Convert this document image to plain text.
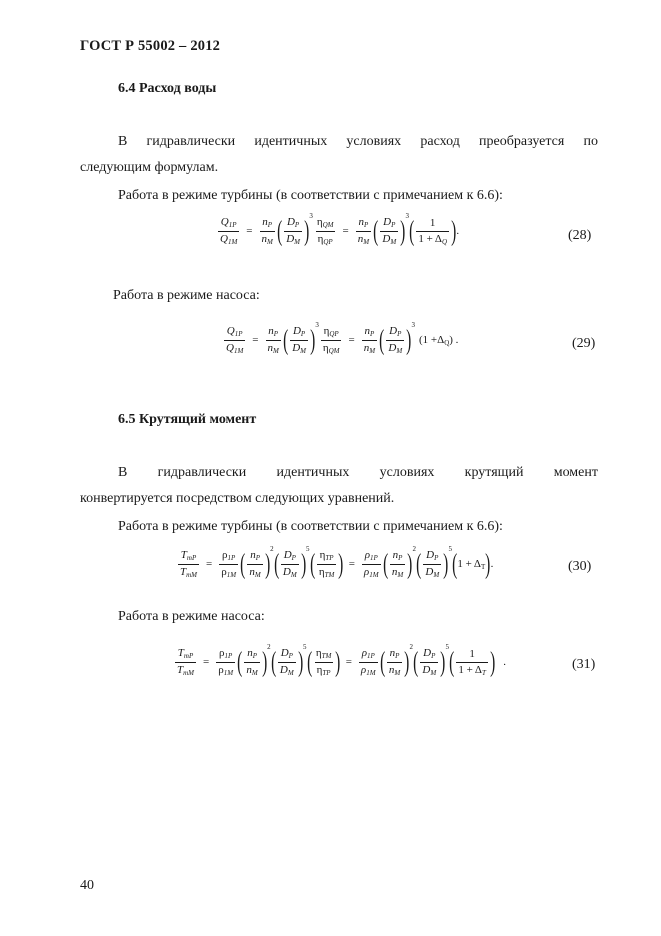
ГОСТ Р 55002 – 2012
6.4 Расход воды
В гидравлически идентичных условиях расход преобразуется по
следующим формулам.
Работа в режиме турбины (в соответствии с примечанием к 6.6):
$\frac{Q_{1P}}{Q_{1M}} = \frac{n_P}{n_M}$ ( $D_P$
$D_M$ ) 3 $\eta_{QM}$
$\eta_{QP}$
= $\frac{n_P}{n_M}$ ( $D_P$
$D_M$ ) 3 ( 1
$1 + \Delta_Q$ ) .	(28)
Работа в режиме насоса:
$\frac{Q_{1P}}{Q_{1M}} = \frac{n_P}{n_M}$ ( $D_P$
$D_M$ ) 3 $\eta_{QP}$
$\eta_{QM}$
= $\frac{n_P}{n_M}$ ( $D_P$
$D_M$ ) 3
$(1 +\Delta_Q)$ .	(29)
6.5 Крутящий момент
В гидравлически идентичных условиях крутящий момент
конвертируется посредством следующих уравнений.
Работа в режиме турбины (в соответствии с примечанием к 6.6):
$T_{mP}$
$T_{mM}$
= $\frac{\rho_{1P}}{\rho_{1M}}$ ( $n_P$
$n_M$ ) 2 ( $D_P$
$D_M$ ) 5 ( $\eta_{TP}$
$\eta_{TM}$ ) = $\frac{\rho_{1P}}{\rho_{1M}}$ ( $n_P$
$n_M$ ) 2 ( $D_P$
$D_M$ ) 5 ( $1 + \Delta_T$ ) .	(30)
Работа в режиме насоса:
$T_{mP}$
$T_{mM}$
= $\frac{\rho_{1P}}{\rho_{1M}}$ ( $n_P$
$n_M$ ) 2 ( $D_P$
$D_M$ ) 5 ( $\eta_{TM}$
$\eta_{TP}$ ) = $\frac{\rho_{1P}}{\rho_{1M}}$ ( $n_P$
$n_M$ ) 2 ( $D_P$
$D_M$ ) 5 ( 1
$1 + \Delta_T$ ) .	(31)
40
